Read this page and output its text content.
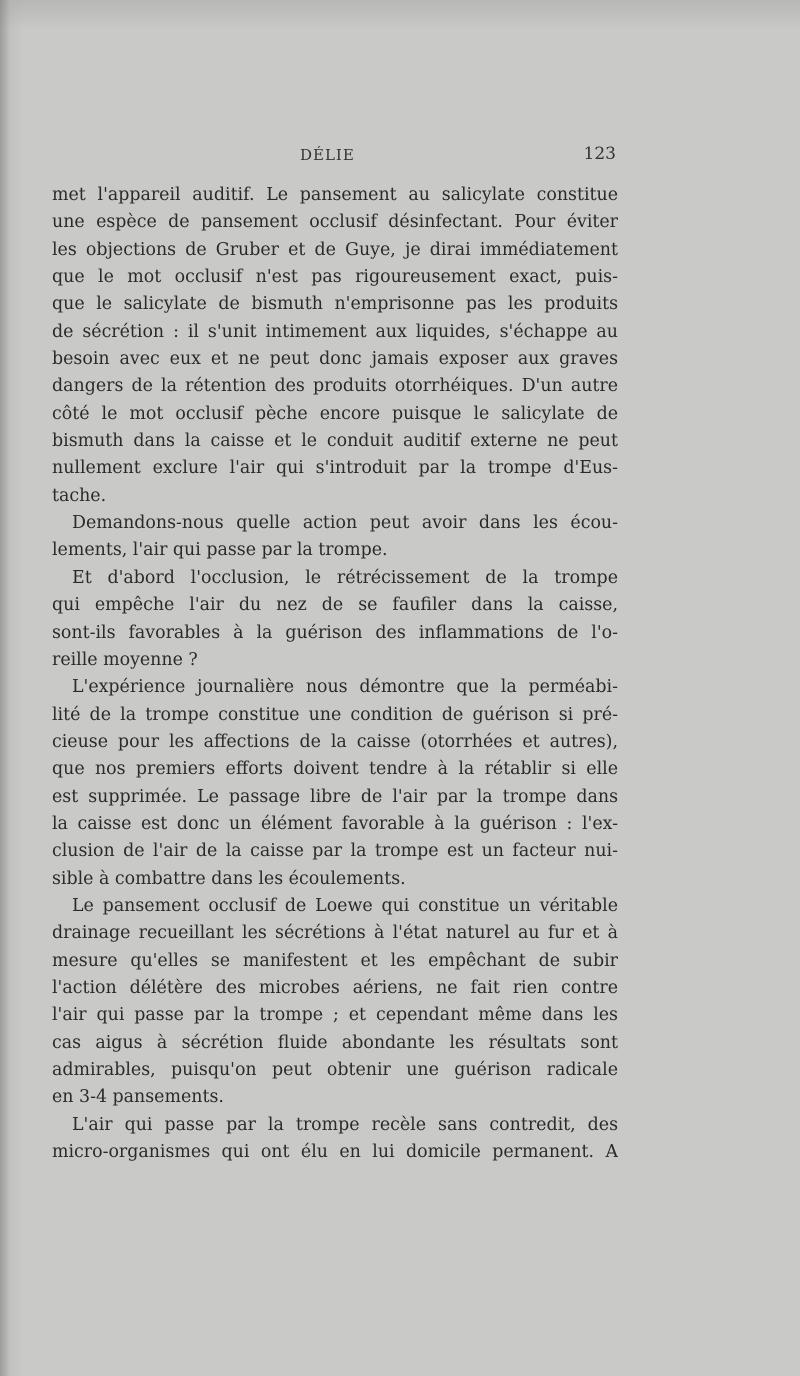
DÉLIE	123
met l'appareil auditif. Le pansement au salicylate constitue
une espèce de pansement occlusif désinfectant. Pour éviter
les objections de Gruber et de Guye, je dirai immédiatement
que le mot occlusif n'est pas rigoureusement exact, puis-
que le salicylate de bismuth n'emprisonne pas les produits
de sécrétion : il s'unit intimement aux liquides, s'échappe au
besoin avec eux et ne peut donc jamais exposer aux graves
dangers de la rétention des produits otorrhéiques. D'un autre
côté le mot occlusif pèche encore puisque le salicylate de
bismuth dans la caisse et le conduit auditif externe ne peut
nullement exclure l'air qui s'introduit par la trompe d'Eus-
tache.
Demandons-nous quelle action peut avoir dans les écou-
lements, l'air qui passe par la trompe.
Et d'abord l'occlusion, le rétrécissement de la trompe
qui empêche l'air du nez de se faufiler dans la caisse,
sont-ils favorables à la guérison des inflammations de l'o-
reille moyenne ?
L'expérience journalière nous démontre que la perméabi-
lité de la trompe constitue une condition de guérison si pré-
cieuse pour les affections de la caisse (otorrhées et autres),
que nos premiers efforts doivent tendre à la rétablir si elle
est supprimée. Le passage libre de l'air par la trompe dans
la caisse est donc un élément favorable à la guérison : l'ex-
clusion de l'air de la caisse par la trompe est un facteur nui-
sible à combattre dans les écoulements.
Le pansement occlusif de Loewe qui constitue un véritable
drainage recueillant les sécrétions à l'état naturel au fur et à
mesure qu'elles se manifestent et les empêchant de subir
l'action délétère des microbes aériens, ne fait rien contre
l'air qui passe par la trompe ; et cependant même dans les
cas aigus à sécrétion fluide abondante les résultats sont
admirables, puisqu'on peut obtenir une guérison radicale
en 3-4 pansements.
L'air qui passe par la trompe recèle sans contredit, des
micro-organismes qui ont élu en lui domicile permanent. A
